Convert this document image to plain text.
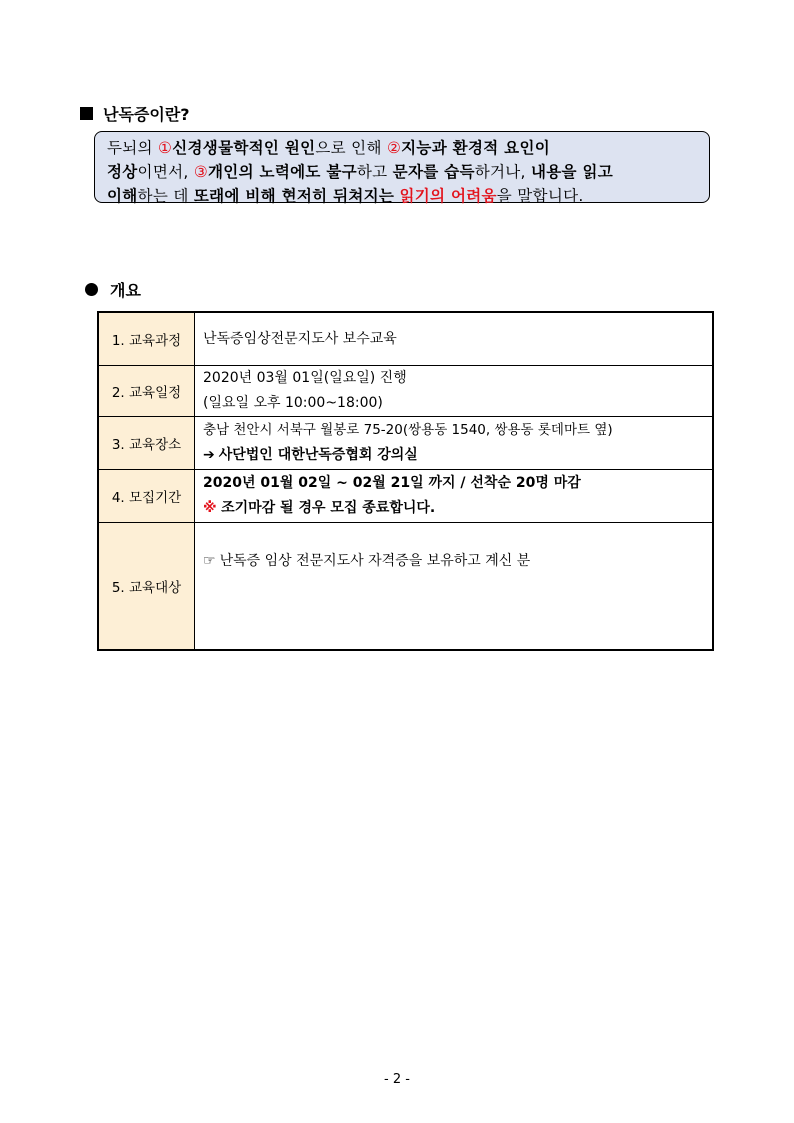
난독증이란?
두뇌의 ①신경생물학적인 원인으로 인해 ②지능과 환경적 요인이
정상이면서, ③개인의 노력에도 불구하고 문자를 습득하거나, 내용을 읽고
이해하는 데 또래에 비해 현저히 뒤쳐지는 읽기의 어려움을 말합니다.
개요
1. 교육과정	난독증임상전문지도사 보수교육
2. 교육일정	2020년 03월 01일(일요일) 진행
(일요일 오후 10:00~18:00)

3. 교육장소	충남 천안시 서북구 월봉로 75-20(쌍용동 1540, 쌍용동 롯데마트 옆)
➔ 사단법인 대한난독증협회 강의실

4. 모집기간	2020년 01월 02일 ~ 02월 21일 까지 / 선착순 20명 마감
※ 조기마감 될 경우 모집 종료합니다.

5. 교육대상	☞ 난독증 임상 전문지도사 자격증을 보유하고 계신 분
- 2 -
